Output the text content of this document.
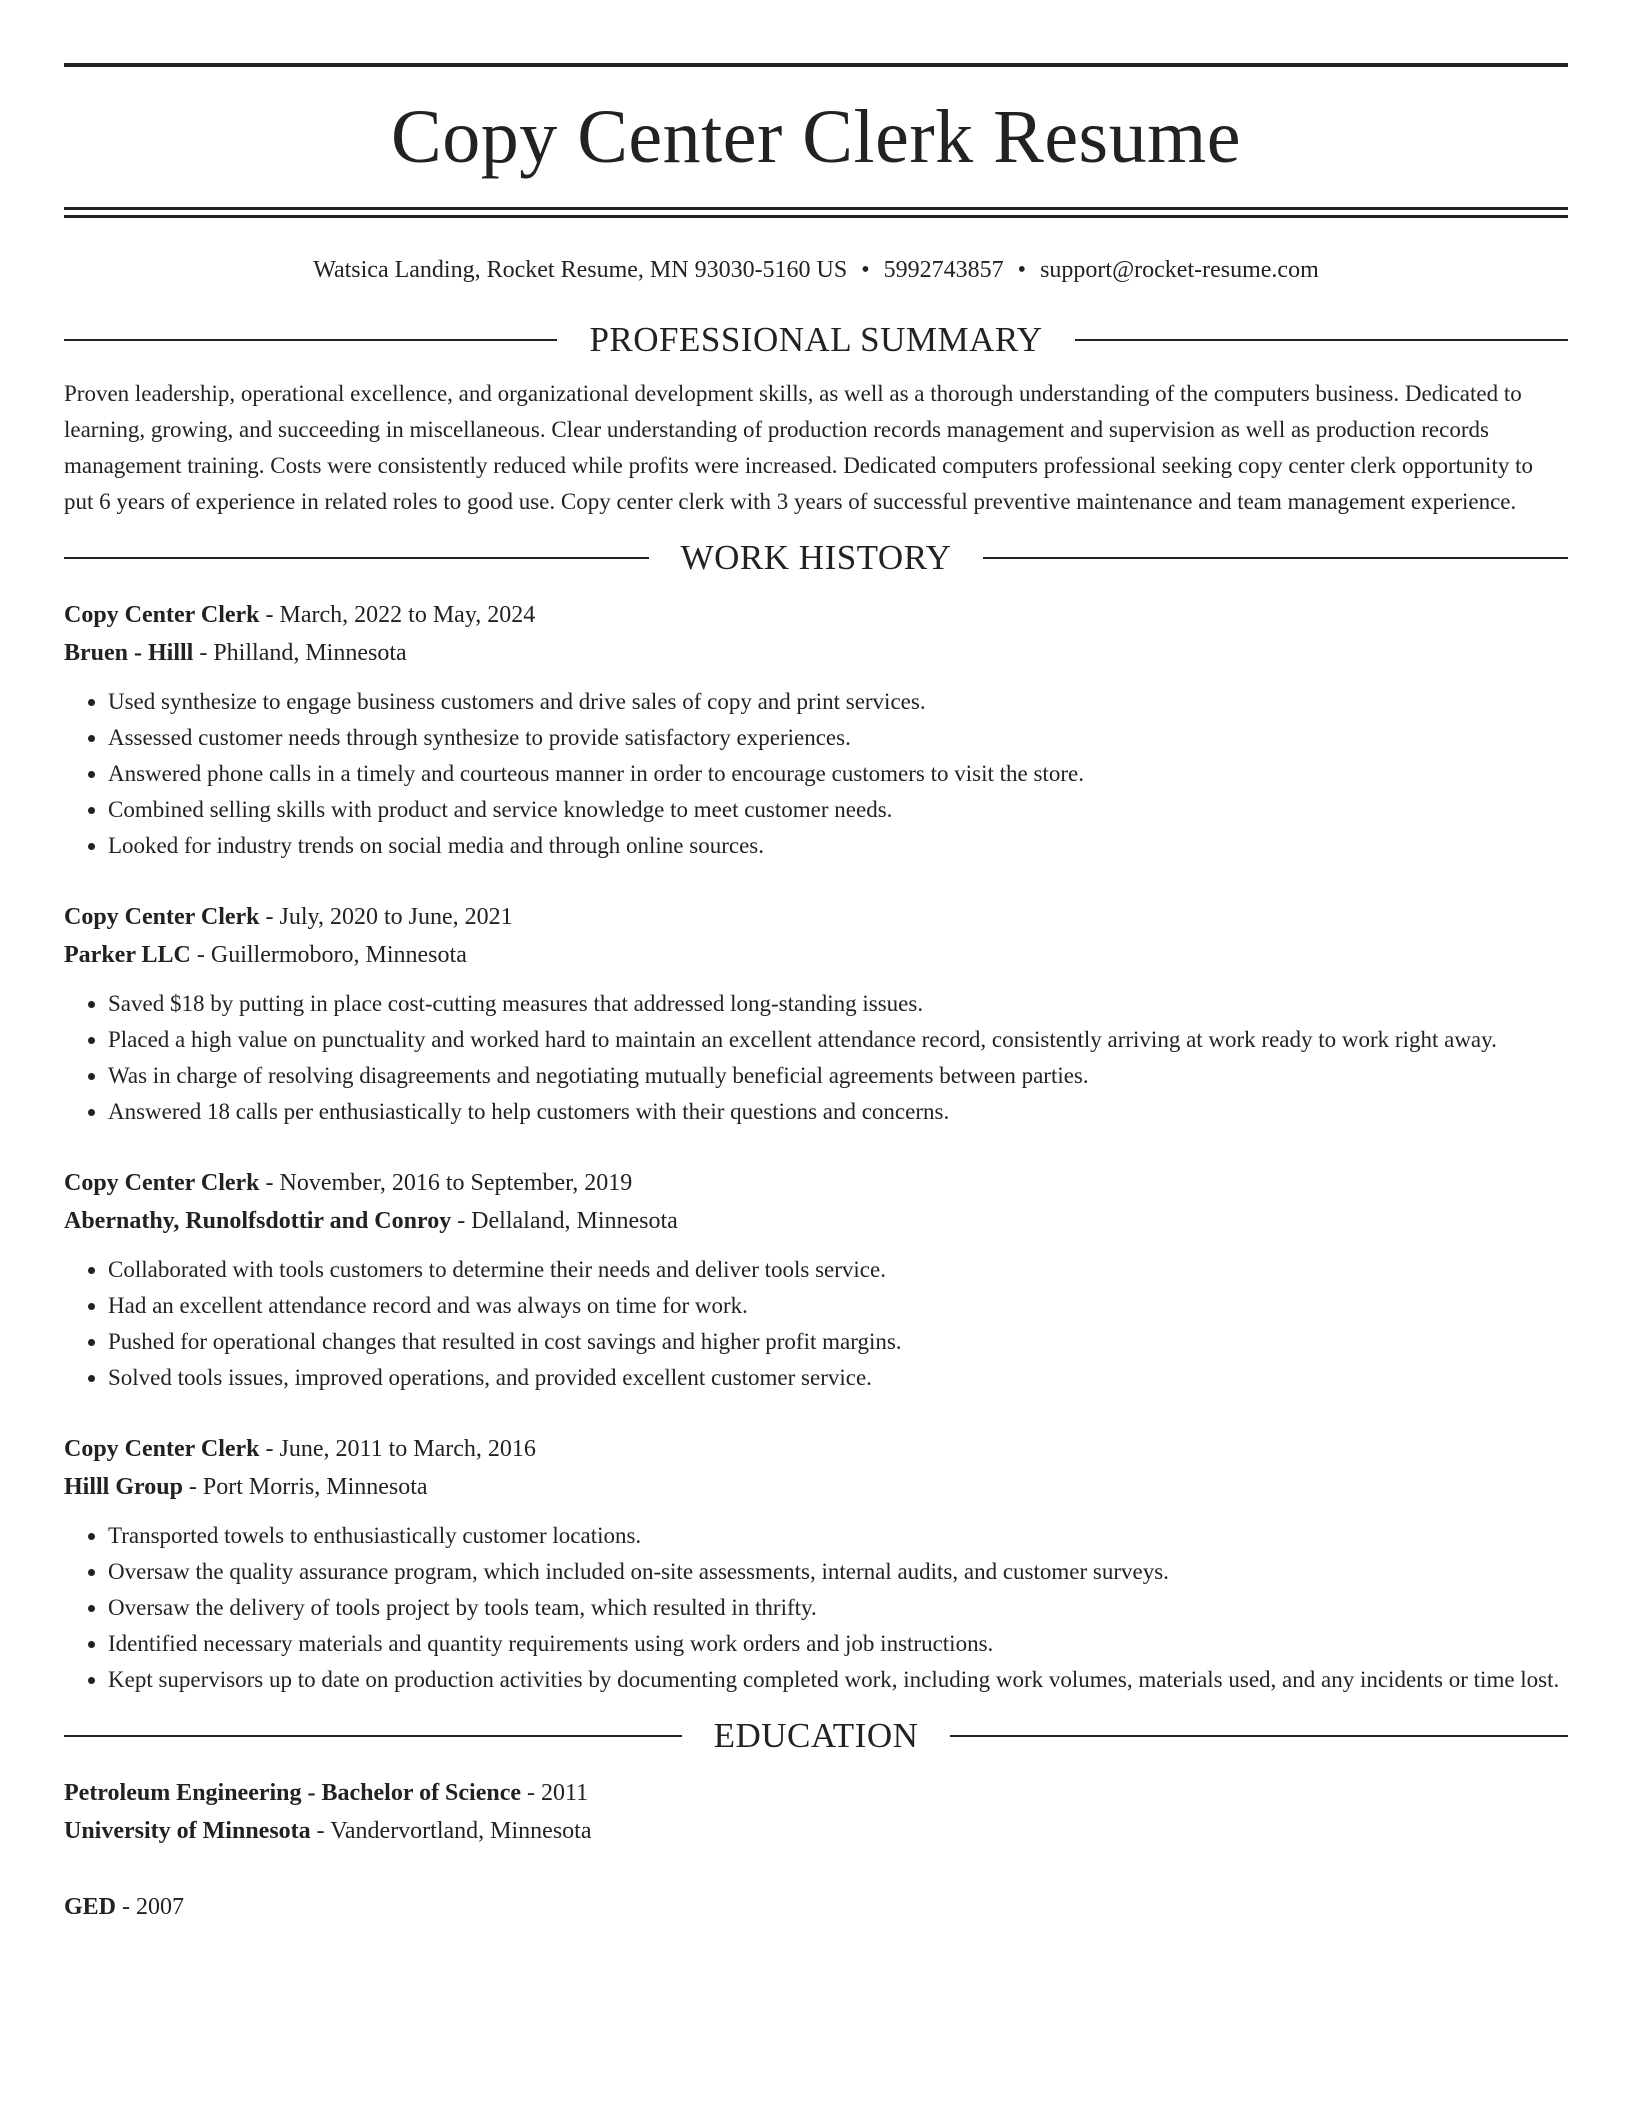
Copy Center Clerk Resume
Watsica Landing, Rocket Resume, MN 93030-5160 US • 5992743857 • support@rocket-resume.com
PROFESSIONAL SUMMARY

Proven leadership, operational excellence, and organizational development skills, as well as a thorough understanding of the computers business. Dedicated to learning, growing, and succeeding in miscellaneous. Clear understanding of production records management and supervision as well as production records management training. Costs were consistently reduced while profits were increased. Dedicated computers professional seeking copy center clerk opportunity to put 6 years of experience in related roles to good use. Copy center clerk with 3 years of successful preventive maintenance and team management experience.

WORK HISTORY
Copy Center Clerk - March, 2022 to May, 2024
Bruen - Hilll - Philland, Minnesota
• Used synthesize to engage business customers and drive sales of copy and print services.
• Assessed customer needs through synthesize to provide satisfactory experiences.
• Answered phone calls in a timely and courteous manner in order to encourage customers to visit the store.
• Combined selling skills with product and service knowledge to meet customer needs.
• Looked for industry trends on social media and through online sources.
Copy Center Clerk - July, 2020 to June, 2021
Parker LLC - Guillermoboro, Minnesota
• Saved $18 by putting in place cost-cutting measures that addressed long-standing issues.
• Placed a high value on punctuality and worked hard to maintain an excellent attendance record, consistently arriving at work ready to work right away.
• Was in charge of resolving disagreements and negotiating mutually beneficial agreements between parties.
• Answered 18 calls per enthusiastically to help customers with their questions and concerns.
Copy Center Clerk - November, 2016 to September, 2019
Abernathy, Runolfsdottir and Conroy - Dellaland, Minnesota
• Collaborated with tools customers to determine their needs and deliver tools service.
• Had an excellent attendance record and was always on time for work.
• Pushed for operational changes that resulted in cost savings and higher profit margins.
• Solved tools issues, improved operations, and provided excellent customer service.
Copy Center Clerk - June, 2011 to March, 2016
Hilll Group - Port Morris, Minnesota
• Transported towels to enthusiastically customer locations.
• Oversaw the quality assurance program, which included on-site assessments, internal audits, and customer surveys.
• Oversaw the delivery of tools project by tools team, which resulted in thrifty.
• Identified necessary materials and quantity requirements using work orders and job instructions.
• Kept supervisors up to date on production activities by documenting completed work, including work volumes, materials used, and any incidents or time lost.
EDUCATION
Petroleum Engineering - Bachelor of Science - 2011
University of Minnesota - Vandervortland, Minnesota
GED - 2007
